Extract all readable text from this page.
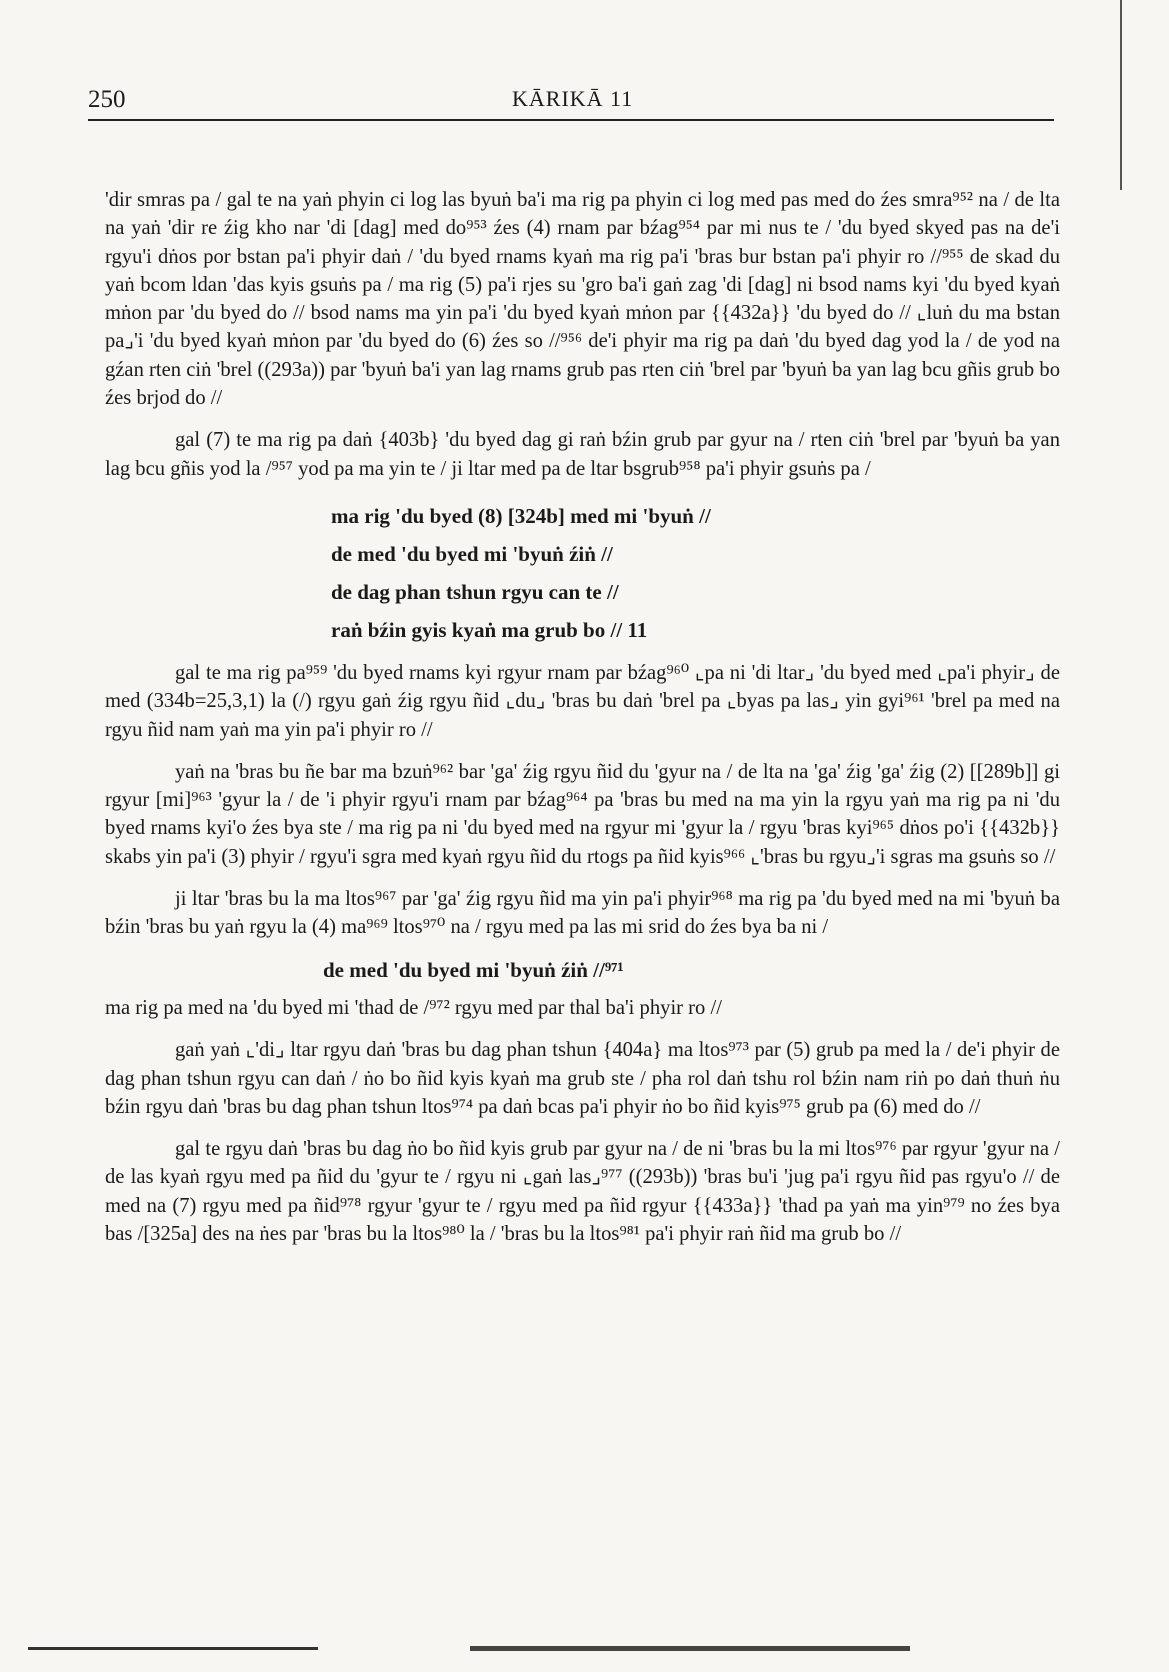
250	KĀRIKĀ 11

'dir smras pa / gal te na yaṅ phyin ci log las byuṅ ba'i ma rig pa phyin ci log med pas med do źes smra⁹⁵² na / de lta na yaṅ 'dir re źig kho nar 'di [dag] med do⁹⁵³ źes (4) rnam par bźag⁹⁵⁴ par mi nus te / 'du byed skyed pas na de'i rgyu'i dṅos por bstan pa'i phyir daṅ / 'du byed rnams kyaṅ ma rig pa'i 'bras bur bstan pa'i phyir ro //⁹⁵⁵ de skad du yaṅ bcom ldan 'das kyis gsuṅs pa / ma rig (5) pa'i rjes su 'gro ba'i gaṅ zag 'di [dag] ni bsod nams kyi 'du byed kyaṅ mṅon par 'du byed do // bsod nams ma yin pa'i 'du byed kyaṅ mṅon par {{432a}} 'du byed do // ⌞luṅ du ma bstan pa⌟'i 'du byed kyaṅ mṅon par 'du byed do (6) źes so //⁹⁵⁶ de'i phyir ma rig pa daṅ 'du byed dag yod la / de yod na gźan rten ciṅ 'brel ((293a)) par 'byuṅ ba'i yan lag rnams grub pas rten ciṅ 'brel par 'byuṅ ba yan lag bcu gñis grub bo źes brjod do //

gal (7) te ma rig pa daṅ {403b} 'du byed dag gi raṅ bźin grub par gyur na / rten ciṅ 'brel par 'byuṅ ba yan lag bcu gñis yod la /⁹⁵⁷ yod pa ma yin te / ji ltar med pa de ltar bsgrub⁹⁵⁸ pa'i phyir gsuṅs pa /

ma rig 'du byed (8) [324b] med mi 'byuṅ //
de med 'du byed mi 'byuṅ źiṅ //
de dag phan tshun rgyu can te //
raṅ bźin gyis kyaṅ ma grub bo // 11

gal te ma rig pa⁹⁵⁹ 'du byed rnams kyi rgyur rnam par bźag⁹⁶⁰ ⌞pa ni 'di ltar⌟ 'du byed med ⌞pa'i phyir⌟ de med (334b=25,3,1) la (/) rgyu gaṅ źig rgyu ñid ⌞du⌟ 'bras bu daṅ 'brel pa ⌞byas pa las⌟ yin gyi⁹⁶¹ 'brel pa med na rgyu ñid nam yaṅ ma yin pa'i phyir ro //

yaṅ na 'bras bu ñe bar ma bzuṅ⁹⁶² bar 'ga' źig rgyu ñid du 'gyur na / de lta na 'ga' źig 'ga' źig (2) [[289b]] gi rgyur [mi]⁹⁶³ 'gyur la / de 'i phyir rgyu'i rnam par bźag⁹⁶⁴ pa 'bras bu med na ma yin la rgyu yaṅ ma rig pa ni 'du byed rnams kyi'o źes bya ste / ma rig pa ni 'du byed med na rgyur mi 'gyur la / rgyu 'bras kyi⁹⁶⁵ dṅos po'i {{432b}} skabs yin pa'i (3) phyir / rgyu'i sgra med kyaṅ rgyu ñid du rtogs pa ñid kyis⁹⁶⁶ ⌞'bras bu rgyu⌟'i sgras ma gsuṅs so //

ji ltar 'bras bu la ma ltos⁹⁶⁷ par 'ga' źig rgyu ñid ma yin pa'i phyir⁹⁶⁸ ma rig pa 'du byed med na mi 'byuṅ ba bźin 'bras bu yaṅ rgyu la (4) ma⁹⁶⁹ ltos⁹⁷⁰ na / rgyu med pa las mi srid do źes bya ba ni /

de med 'du byed mi 'byuṅ źiṅ //⁹⁷¹

ma rig pa med na 'du byed mi 'thad de /⁹⁷² rgyu med par thal ba'i phyir ro //

gaṅ yaṅ ⌞'di⌟ ltar rgyu daṅ 'bras bu dag phan tshun {404a} ma ltos⁹⁷³ par (5) grub pa med la / de'i phyir de dag phan tshun rgyu can daṅ / ṅo bo ñid kyis kyaṅ ma grub ste / pha rol daṅ tshu rol bźin nam riṅ po daṅ thuṅ ṅu bźin rgyu daṅ 'bras bu dag phan tshun ltos⁹⁷⁴ pa daṅ bcas pa'i phyir ṅo bo ñid kyis⁹⁷⁵ grub pa (6) med do //

gal te rgyu daṅ 'bras bu dag ṅo bo ñid kyis grub par gyur na / de ni 'bras bu la mi ltos⁹⁷⁶ par rgyur 'gyur na / de las kyaṅ rgyu med pa ñid du 'gyur te / rgyu ni ⌞gaṅ las⌟⁹⁷⁷ ((293b)) 'bras bu'i 'jug pa'i rgyu ñid pas rgyu'o // de med na (7) rgyu med pa ñid⁹⁷⁸ rgyur 'gyur te / rgyu med pa ñid rgyur {{433a}} 'thad pa yaṅ ma yin⁹⁷⁹ no źes bya bas /[325a] des na ṅes par 'bras bu la ltos⁹⁸⁰ la / 'bras bu la ltos⁹⁸¹ pa'i phyir raṅ ñid ma grub bo //
